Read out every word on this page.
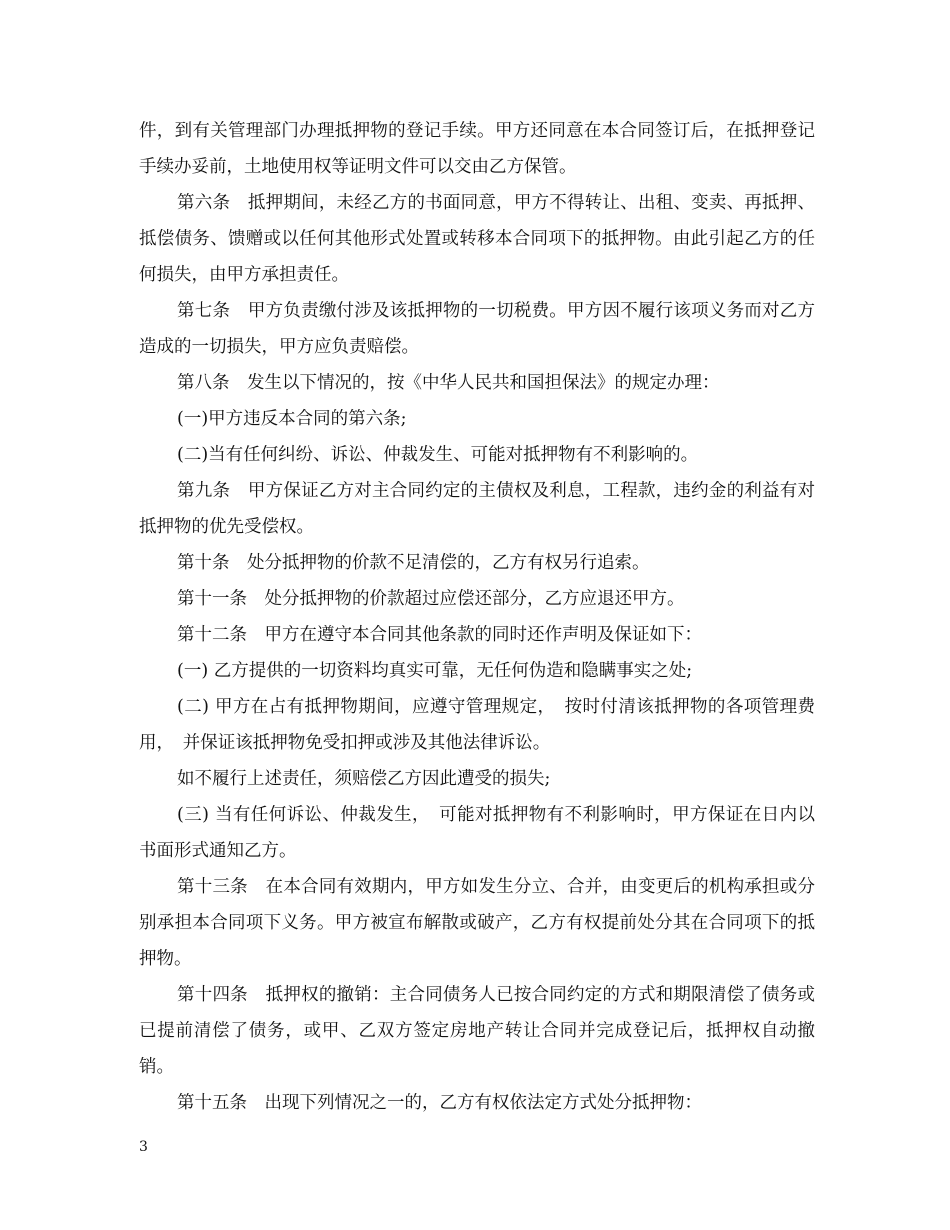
件，到有关管理部门办理抵押物的登记手续。甲方还同意在本合同签订后，在抵押登记手续办妥前，土地使用权等证明文件可以交由乙方保管。

第六条　抵押期间，未经乙方的书面同意，甲方不得转让、出租、变卖、再抵押、抵偿债务、馈赠或以任何其他形式处置或转移本合同项下的抵押物。由此引起乙方的任何损失，由甲方承担责任。

第七条　甲方负责缴付涉及该抵押物的一切税费。甲方因不履行该项义务而对乙方造成的一切损失，甲方应负责赔偿。

第八条　发生以下情况的，按《中华人民共和国担保法》的规定办理：

(一)甲方违反本合同的第六条;

(二)当有任何纠纷、诉讼、仲裁发生、可能对抵押物有不利影响的。

第九条　甲方保证乙方对主合同约定的主债权及利息，工程款，违约金的利益有对抵押物的优先受偿权。

第十条　处分抵押物的价款不足清偿的，乙方有权另行追索。

第十一条　处分抵押物的价款超过应偿还部分，乙方应退还甲方。

第十二条　甲方在遵守本合同其他条款的同时还作声明及保证如下：

(一) 乙方提供的一切资料均真实可靠，无任何伪造和隐瞒事实之处;

(二) 甲方在占有抵押物期间，应遵守管理规定，　按时付清该抵押物的各项管理费用，　并保证该抵押物免受扣押或涉及其他法律诉讼。

如不履行上述责任，须赔偿乙方因此遭受的损失;

(三) 当有任何诉讼、仲裁发生，　可能对抵押物有不利影响时，甲方保证在日内以书面形式通知乙方。

第十三条　在本合同有效期内，甲方如发生分立、合并，由变更后的机构承担或分别承担本合同项下义务。甲方被宣布解散或破产，乙方有权提前处分其在合同项下的抵押物。

第十四条　抵押权的撤销：主合同债务人已按合同约定的方式和期限清偿了债务或已提前清偿了债务，或甲、乙双方签定房地产转让合同并完成登记后，抵押权自动撤销。

第十五条　出现下列情况之一的，乙方有权依法定方式处分抵押物：

3
